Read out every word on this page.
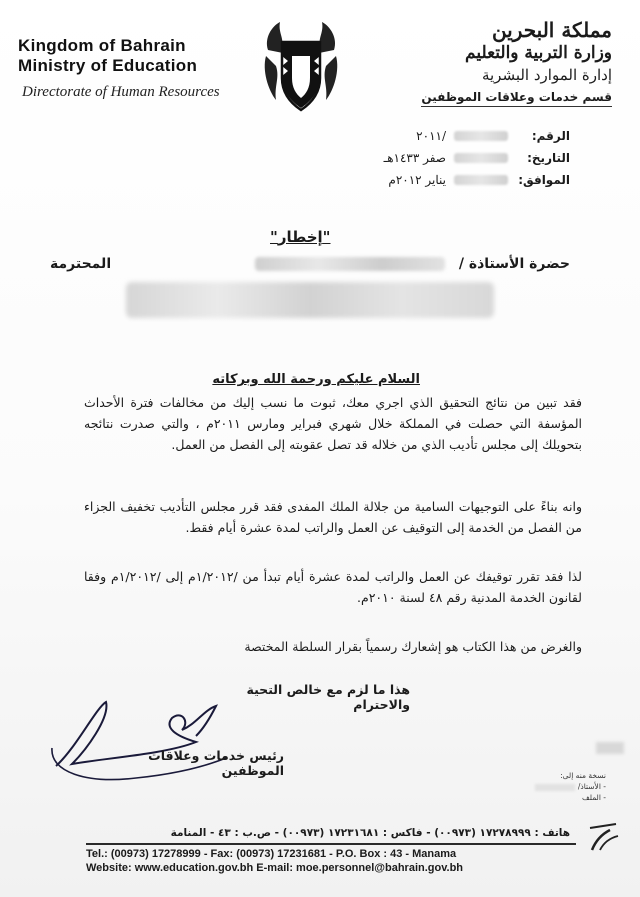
Kingdom of Bahrain
Ministry of Education
Directorate of Human Resources
مملكة البحرين
وزارة التربية والتعليم
إدارة الموارد البشرية
قسم خدمات وعلاقات الموظفين
الرقم:
/٢٠١١
التاريخ:
صفر ١٤٣٣هـ
الموافق:
يناير ٢٠١٢م
"إخطار"
حضرة الأستاذة /
المحترمة
السلام عليكم ورحمة الله وبركاته
فقد تبين من نتائج التحقيق الذي اجري معك، ثبوت ما نسب إليك من مخالفات فترة الأحداث المؤسفة التي حصلت في المملكة خلال شهري فبراير ومارس ٢٠١١م ، والتي صدرت نتائجه بتحويلك إلى مجلس تأديب الذي من خلاله قد تصل عقوبته إلى الفصل من العمل.
وانه بناءً على التوجيهات السامية من جلالة الملك المفدى فقد قرر مجلس التأديب تخفيف الجزاء من الفصل من الخدمة إلى التوقيف عن العمل والراتب لمدة عشرة أيام فقط.
لذا فقد تقرر توقيفك عن العمل والراتب لمدة عشرة أيام تبدأ من /١/٢٠١٢م إلى /١/٢٠١٢م وفقا لقانون الخدمة المدنية رقم ٤٨ لسنة ٢٠١٠م.
والغرض من هذا الكتاب هو إشعارك رسمياً بقرار السلطة المختصة
هذا ما لزم مع خالص التحية والاحترام
رئيس خدمات وعلاقات الموظفين	نسخة منه إلى:
- الأستاذ/
- الملف
هاتف : ١٧٢٧٨٩٩٩ (٠٠٩٧٣) - فاكس : ١٧٢٣١٦٨١ (٠٠٩٧٣) - ص.ب : ٤٣ - المنامة
Tel.: (00973) 17278999 - Fax: (00973) 17231681 - P.O. Box : 43 - Manama
Website: www.education.gov.bh E-mail: moe.personnel@bahrain.gov.bh
